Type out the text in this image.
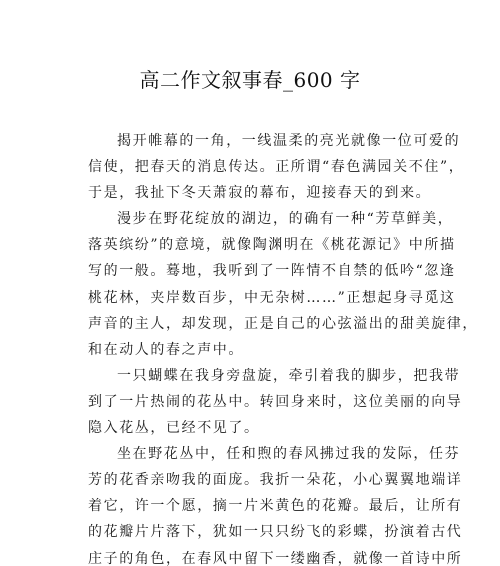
高二作文叙事春_600 字
揭开帷幕的一角，一线温柔的亮光就像一位可爱的
信使，把春天的消息传达。正所谓“春色满园关不住”，
于是，我扯下冬天萧寂的幕布，迎接春天的到来。
漫步在野花绽放的湖边，的确有一种“芳草鲜美，
落英缤纷”的意境，就像陶渊明在《桃花源记》中所描
写的一般。蓦地，我听到了一阵情不自禁的低吟“忽逢
桃花林，夹岸数百步，中无杂树……”正想起身寻觅这
声音的主人，却发现，正是自己的心弦溢出的甜美旋律，
和在动人的春之声中。
一只蝴蝶在我身旁盘旋，牵引着我的脚步，把我带
到了一片热闹的花丛中。转回身来时，这位美丽的向导
隐入花丛，已经不见了。
坐在野花丛中，任和煦的春风拂过我的发际，任芬
芳的花香亲吻我的面庞。我折一朵花，小心翼翼地端详
着它，许一个愿，摘一片米黄色的花瓣。最后，让所有
的花瓣片片落下，犹如一只只纷飞的彩蝶，扮演着古代
庄子的角色，在春风中留下一缕幽香，就像一首诗中所
